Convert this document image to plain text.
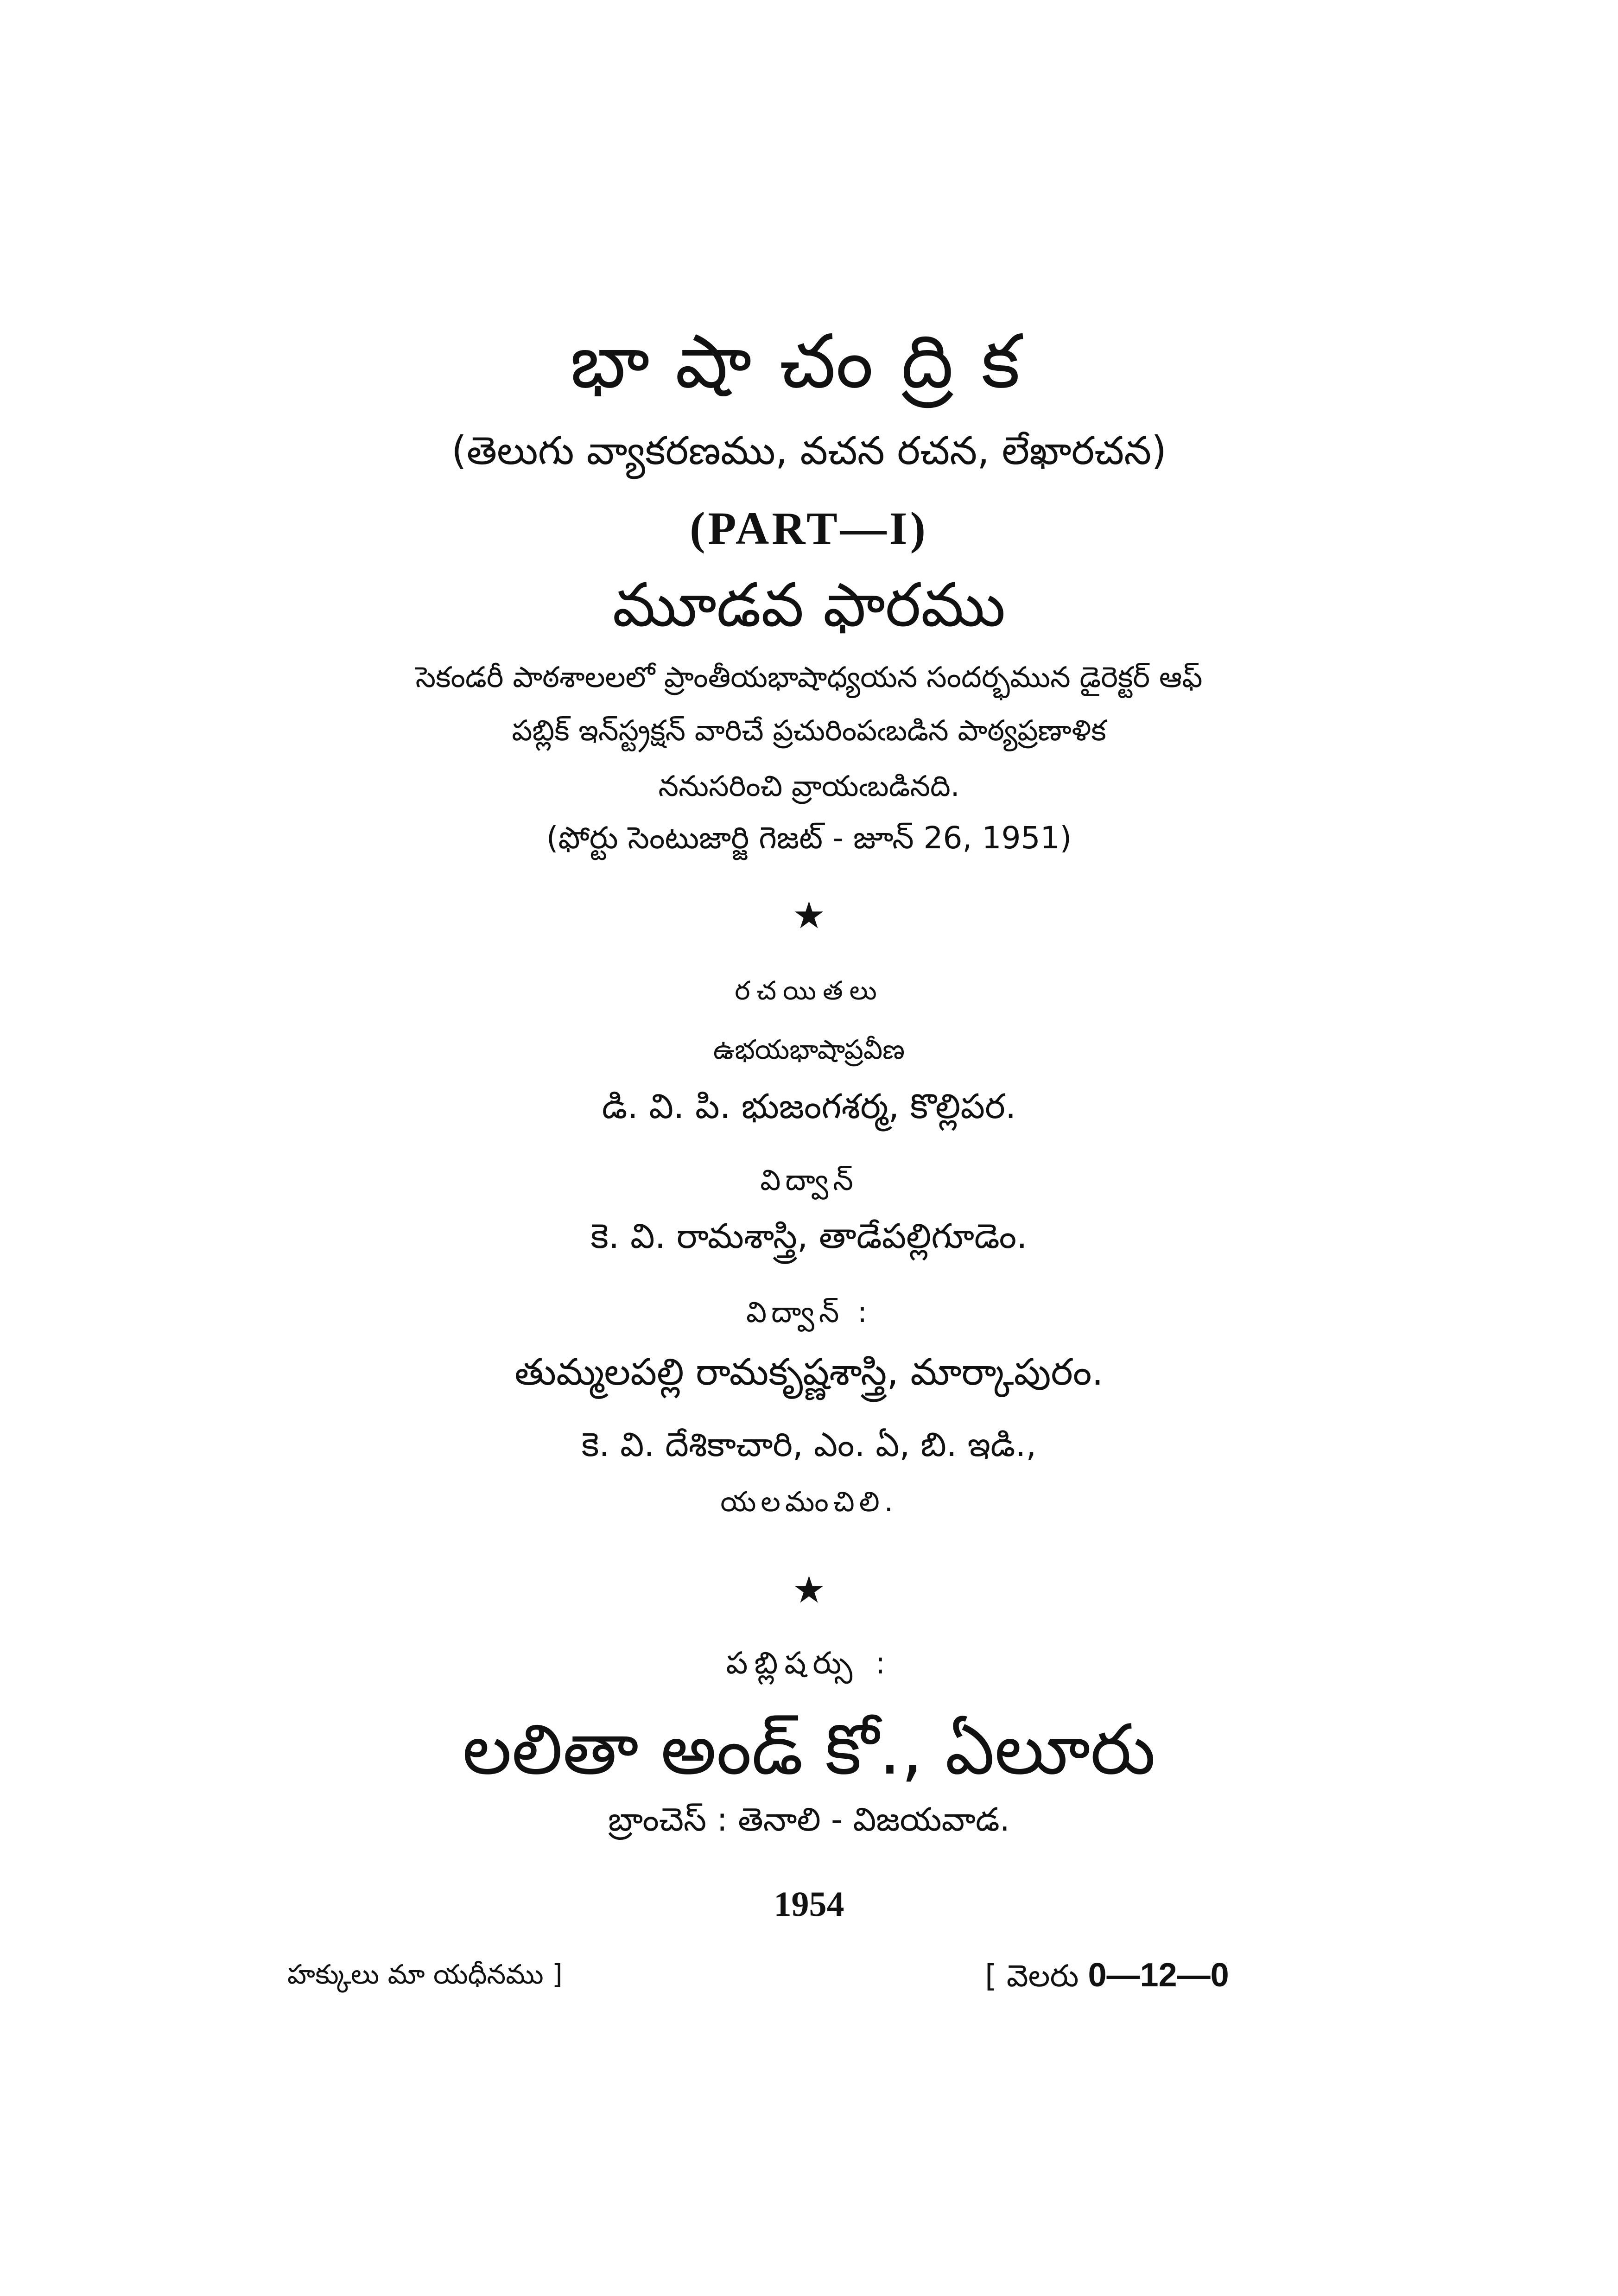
భాషాచంద్రిక
(తెలుగు వ్యాకరణము, వచన రచన, లేఖారచన)
(PART—I)
మూడవ ఫారము
సెకండరీ పాఠశాలలలో ప్రాంతీయభాషాధ్యయన సందర్భమున డైరెక్టర్ ఆఫ్
పబ్లిక్ ఇన్‌స్ట్రక్షన్ వారిచే ప్రచురింపఁబడిన పాఠ్యప్రణాళిక
ననుసరించి వ్రాయఁబడినది.
(ఫోర్టు సెంటుజార్జి గెజట్ - జూన్ 26, 1951)
★
రచయితలు
ఉభయభాషాప్రవీణ
డి. వి. పి. భుజంగశర్మ, కొల్లిపర.
విద్వాన్
కె. వి. రామశాస్త్రి, తాడేపల్లిగూడెం.
విద్వాన్ :
తుమ్మలపల్లి రామకృష్ణశాస్త్రి, మార్కాపురం.
కె. వి. దేశికాచారి, ఎం. ఏ, బి. ఇడి.,
యలమంచిలి.
★
పబ్లిషర్సు :
లలితా అండ్ కో., ఏలూరు
బ్రాంచెస్ : తెనాలి - విజయవాడ.
1954
హక్కులు మా యధీనము ]	[ వెలరు 0—12—0
